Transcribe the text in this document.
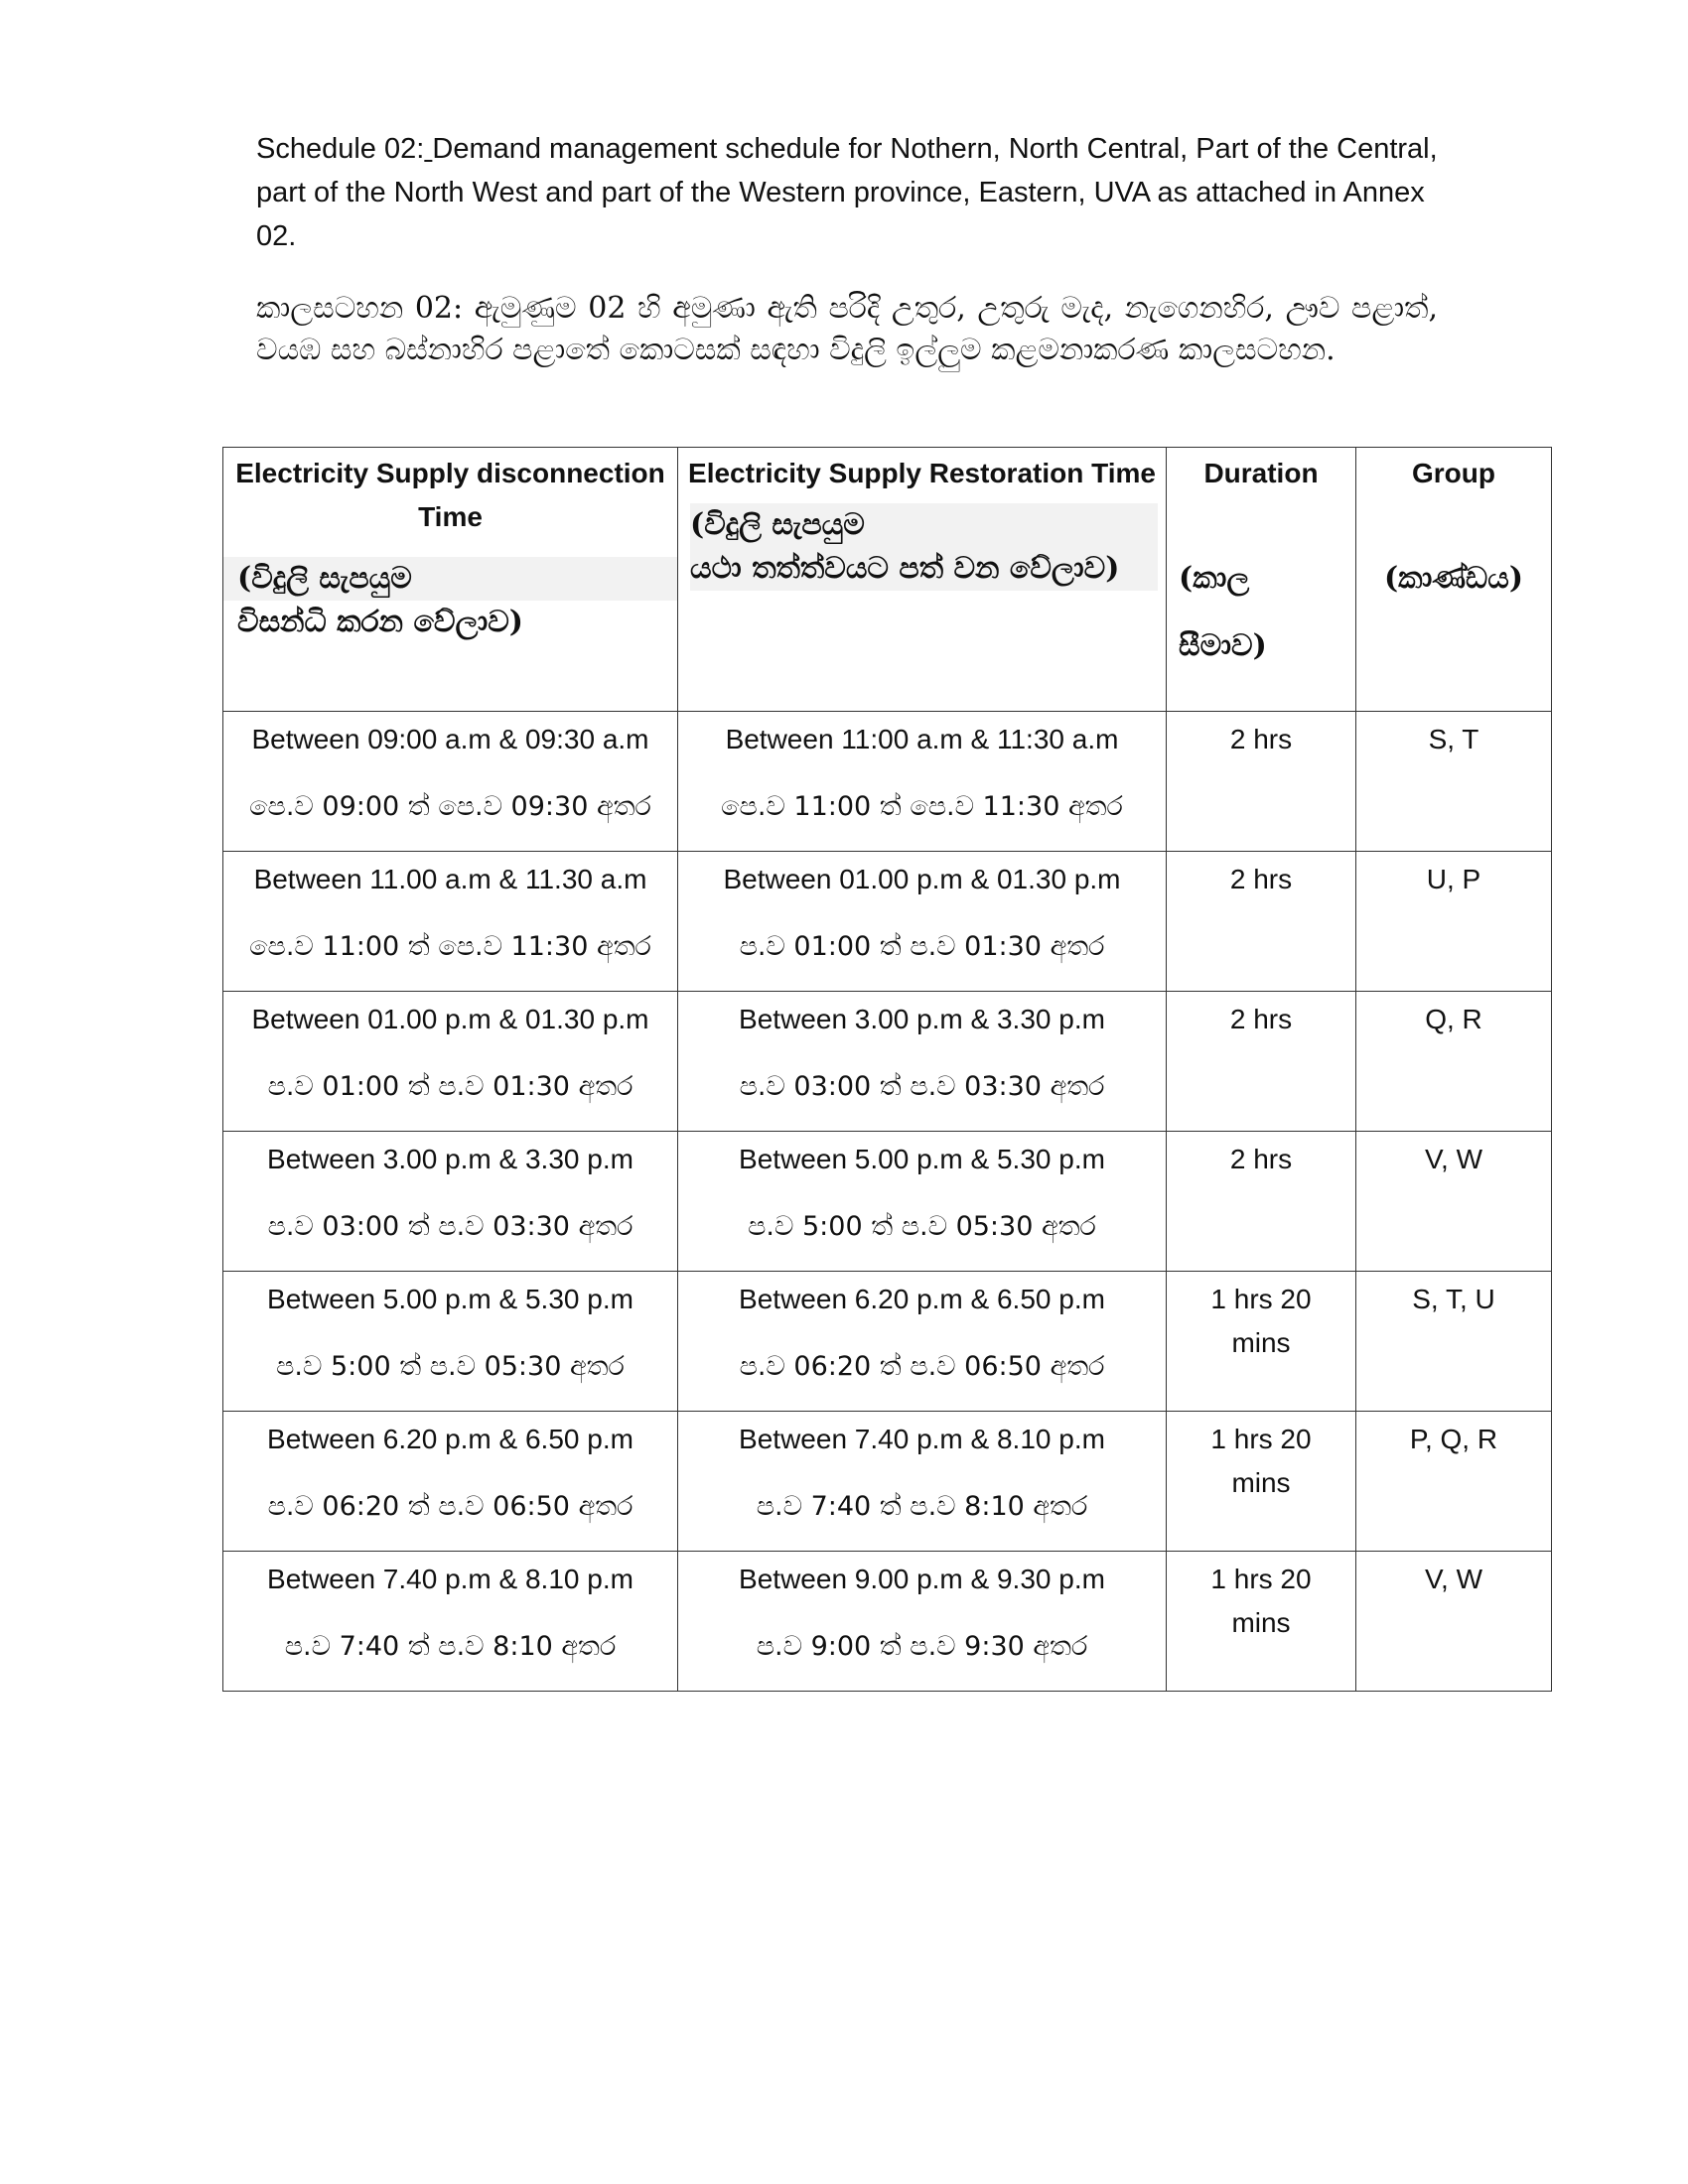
Schedule 02: Demand management schedule for Nothern, North Central, Part of the Central, part of the North West and part of the Western province, Eastern, UVA as attached in Annex 02.
කාලසටහන 02: ඇමුණුම 02 හි අමුණා ඇති පරිදි උතුර, උතුරු මැද, නැගෙනහිර, ඌව පළාත්, වයඹ සහ බස්නාහිර පළාතේ කොටසක් සඳහා විදුලි ඉල්ලුම කළමනාකරණ කාලසටහන.
Electricity Supply disconnection Time
(විදුලි සැපයුම
විසන්ධි කරන වේලාව)	Electricity Supply Restoration Time
(විදුලි සැපයුම
යථා තත්ත්වයට පත් වන වේලාව)	Duration
(කාල
සීමාව)	Group
(කාණ්ඩය)

Between 09:00 a.m & 09:30 a.m
පෙ.ව 09:00 ත් පෙ.ව 09:30 අතර	Between 11:00 a.m & 11:30 a.m
පෙ.ව 11:00 ත් පෙ.ව 11:30 අතර	2 hrs	S, T

Between 11.00 a.m & 11.30 a.m
පෙ.ව 11:00 ත් පෙ.ව 11:30 අතර	Between 01.00 p.m & 01.30 p.m
ප.ව 01:00 ත් ප.ව 01:30 අතර	2 hrs	U, P

Between 01.00 p.m & 01.30 p.m
ප.ව 01:00 ත් ප.ව 01:30 අතර	Between 3.00 p.m & 3.30 p.m
ප.ව 03:00 ත් ප.ව 03:30 අතර	2 hrs	Q, R

Between 3.00 p.m & 3.30 p.m
ප.ව 03:00 ත් ප.ව 03:30 අතර	Between 5.00 p.m & 5.30 p.m
ප.ව 5:00 ත් ප.ව 05:30 අතර	2 hrs	V, W

Between 5.00 p.m & 5.30 p.m
ප.ව 5:00 ත් ප.ව 05:30 අතර	Between 6.20 p.m & 6.50 p.m
ප.ව 06:20 ත් ප.ව 06:50 අතර	1 hrs 20 mins	S, T, U

Between 6.20 p.m & 6.50 p.m
ප.ව 06:20 ත් ප.ව 06:50 අතර	Between 7.40 p.m & 8.10 p.m
ප.ව 7:40 ත් ප.ව 8:10 අතර	1 hrs 20 mins	P, Q, R

Between 7.40 p.m & 8.10 p.m
ප.ව 7:40 ත් ප.ව 8:10 අතර	Between 9.00 p.m & 9.30 p.m
ප.ව 9:00 ත් ප.ව 9:30 අතර	1 hrs 20 mins	V, W
